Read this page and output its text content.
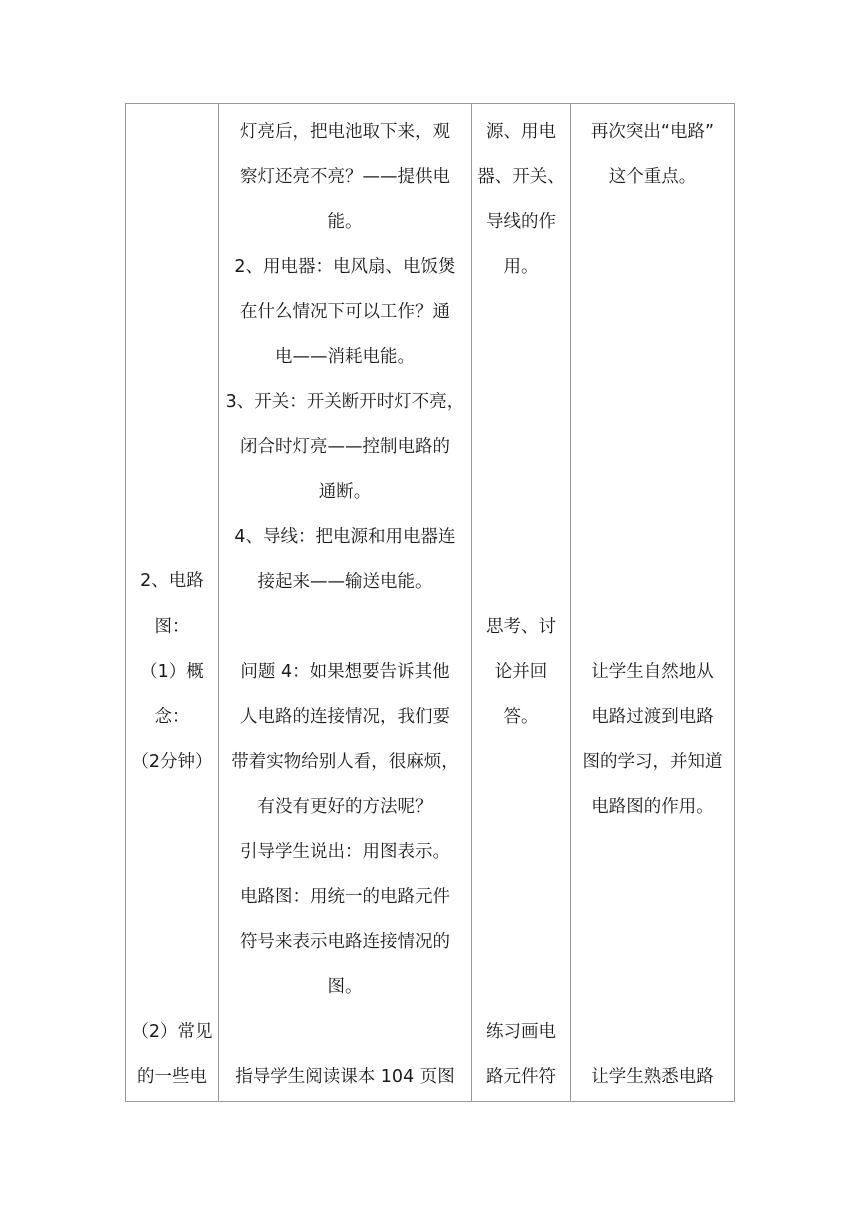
2、电路
图：
（1）概
念：
（2分钟）
（2）常见
的一些电
灯亮后，把电池取下来，观
察灯还亮不亮？——提供电
能。
2、用电器：电风扇、电饭煲
在什么情况下可以工作？通
电——消耗电能。
3、开关：开关断开时灯不亮，
闭合时灯亮——控制电路的
通断。
4、导线：把电源和用电器连
接起来——输送电能。
问题 4：如果想要告诉其他
人电路的连接情况，我们要
带着实物给别人看，很麻烦，
有没有更好的方法呢？
引导学生说出：用图表示。
电路图：用统一的电路元件
符号来表示电路连接情况的
图。
指导学生阅读课本 104 页图
源、用电
器、开关、
导线的作
用。
思考、讨
论并回
答。
练习画电
路元件符
再次突出“电路”
这个重点。
让学生自然地从
电路过渡到电路
图的学习，并知道
电路图的作用。
让学生熟悉电路
